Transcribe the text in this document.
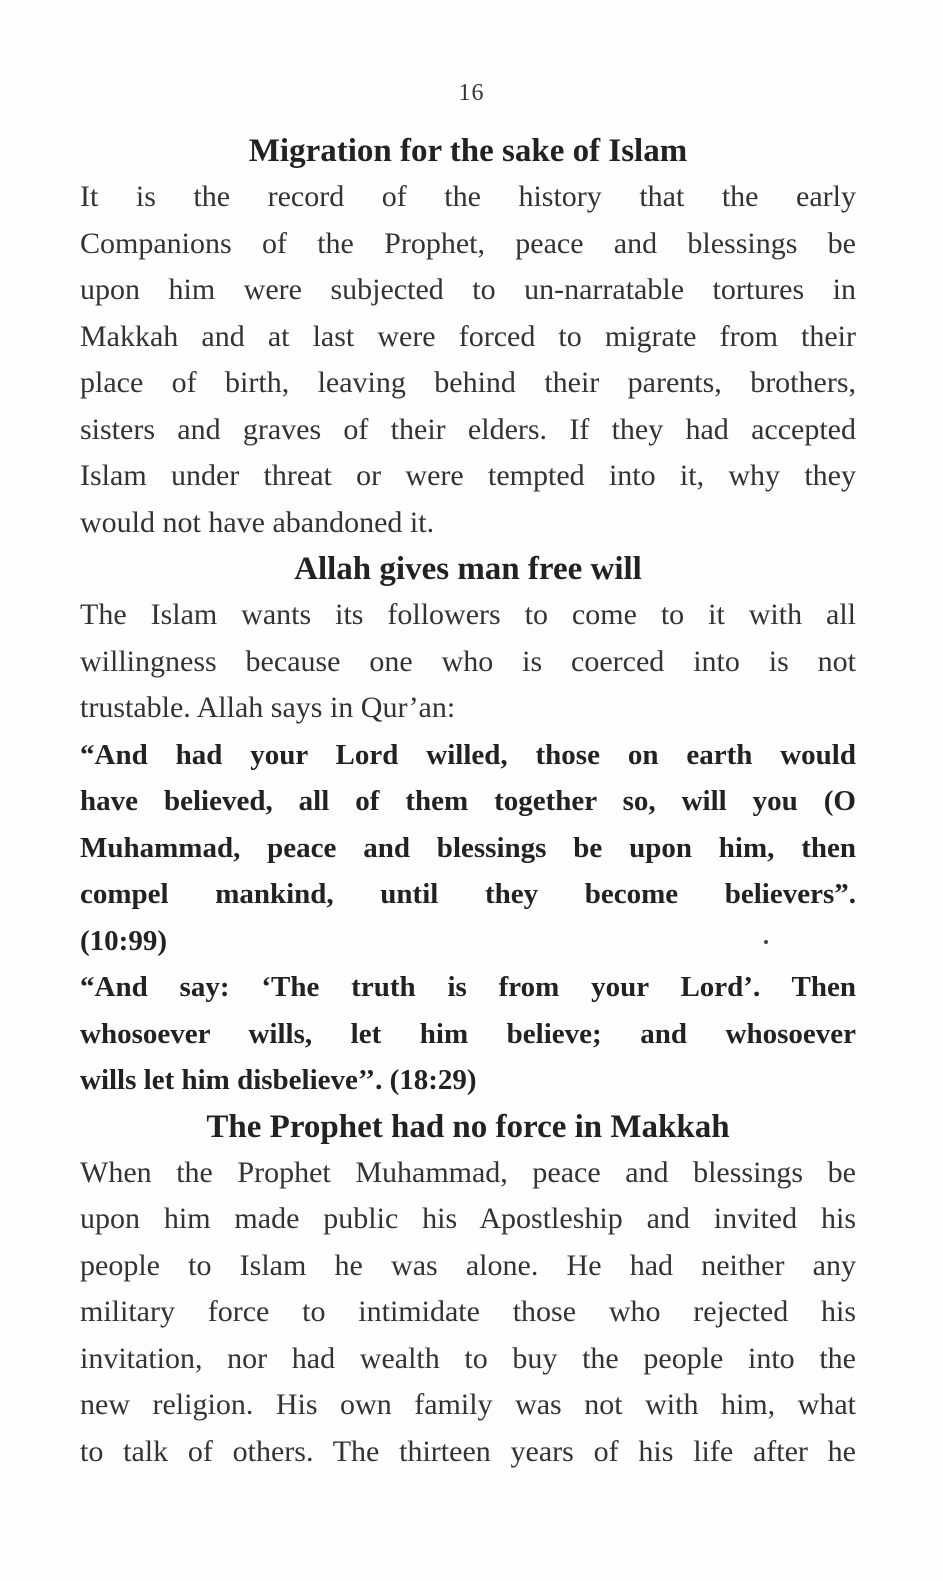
16
Migration for the sake of Islam

It is the record of the history that the early
Companions of the Prophet, peace and blessings be
upon him were subjected to un-narratable tortures in
Makkah and at last were forced to migrate from their
place of birth, leaving behind their parents, brothers,
sisters and graves of their elders. If they had accepted
Islam under threat or were tempted into it, why they
would not have abandoned it.

Allah gives man free will

The Islam wants its followers to come to it with all
willingness because one who is coerced into is not
trustable. Allah says in Qur’an:

“And had your Lord willed, those on earth would
have believed, all of them together so, will you (O
Muhammad, peace and blessings be upon him, then
compel mankind, until they become believers”.
(10:99)

“And say: ‘The truth is from your Lord’. Then
whosoever wills, let him believe; and whosoever
wills let him disbelieve’’. (18:29)

The Prophet had no force in Makkah

When the Prophet Muhammad, peace and blessings be
upon him made public his Apostleship and invited his
people to Islam he was alone. He had neither any
military force to intimidate those who rejected his
invitation, nor had wealth to buy the people into the
new religion. His own family was not with him, what
to talk of others. The thirteen years of his life after he
